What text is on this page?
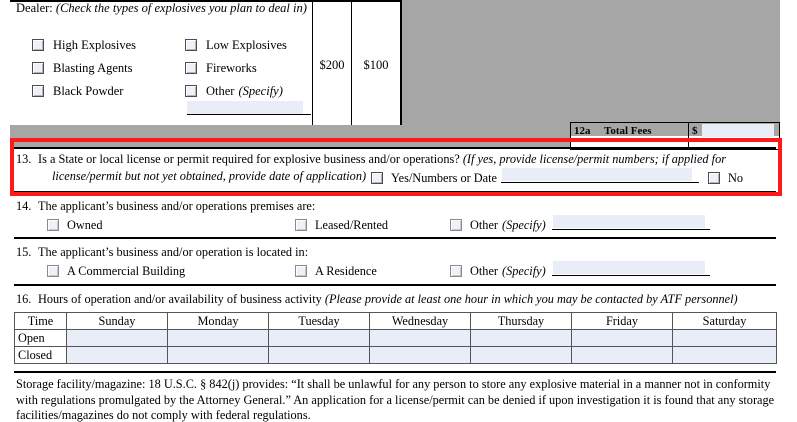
Dealer: (Check the types of explosives you plan to deal in)
High Explosives
Blasting Agents
Black Powder
Low Explosives
Fireworks
Other (Specify)
$200	$100
12a Total Fees	$
13. Is a State or local license or permit required for explosive business and/or operations? (If yes, provide license/permit numbers; if applied for
license/permit but not yet obtained, provide date of application)	Yes/Numbers or Date	No
14. The applicant’s business and/or operations premises are:
Owned	Leased/Rented	Other (Specify)
15. The applicant’s business and/or operation is located in:
A Commercial Building	A Residence	Other (Specify)
16. Hours of operation and/or availability of business activity (Please provide at least one hour in which you may be contacted by ATF personnel)
Time	Sunday	Monday	Tuesday	Wednesday	Thursday	Friday	Saturday
Open							
Closed							
Storage facility/magazine: 18 U.S.C. § 842(j) provides: “It shall be unlawful for any person to store any explosive material in a manner not in conformity with regulations promulgated by the Attorney General.” An application for a license/permit can be denied if upon investigation it is found that any storage facilities/magazines do not comply with federal regulations.
